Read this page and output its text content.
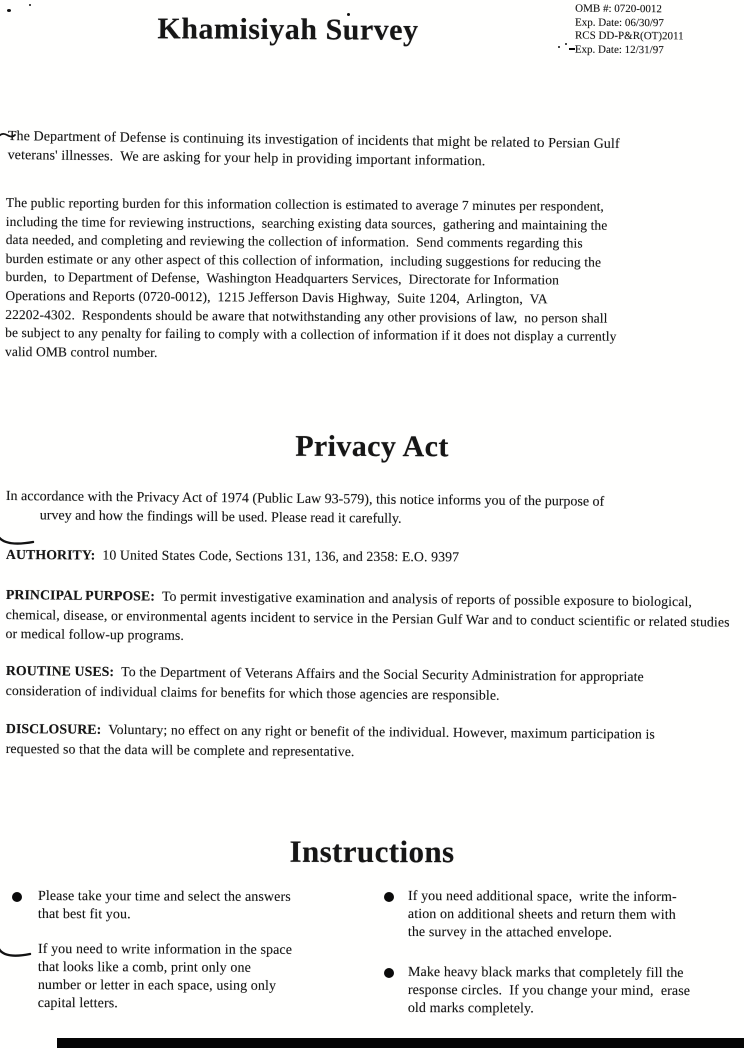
Khamisiyah Survey
OMB #: 0720-0012
Exp. Date: 06/30/97
RCS DD-P&R(OT)2011
Exp. Date: 12/31/97
The Department of Defense is continuing its investigation of incidents that might be related to Persian Gulf
veterans' illnesses.  We are asking for your help in providing important information.
The public reporting burden for this information collection is estimated to average 7 minutes per respondent,
including the time for reviewing instructions,  searching existing data sources,  gathering and maintaining the
data needed, and completing and reviewing the collection of information.  Send comments regarding this
burden estimate or any other aspect of this collection of information,  including suggestions for reducing the
burden,  to Department of Defense,  Washington Headquarters Services,  Directorate for Information
Operations and Reports (0720-0012),  1215 Jefferson Davis Highway,  Suite 1204,  Arlington,  VA
22202-4302.  Respondents should be aware that notwithstanding any other provisions of law,  no person shall
be subject to any penalty for failing to comply with a collection of information if it does not display a currently
valid OMB control number.
Privacy Act
In accordance with the Privacy Act of 1974 (Public Law 93-579), this notice informs you of the purpose of
urvey and how the findings will be used. Please read it carefully.
AUTHORITY: 10 United States Code, Sections 131, 136, and 2358: E.O. 9397
PRINCIPAL PURPOSE: To permit investigative examination and analysis of reports of possible exposure to biological, chemical, disease, or environmental agents incident to service in the Persian Gulf War and to conduct scientific or related studies or medical follow-up programs.
ROUTINE USES: To the Department of Veterans Affairs and the Social Security Administration for appropriate consideration of individual claims for benefits for which those agencies are responsible.
DISCLOSURE: Voluntary; no effect on any right or benefit of the individual. However, maximum participation is requested so that the data will be complete and representative.
Instructions
Please take your time and select the answers
that best fit you.
If you need to write information in the space
that looks like a comb, print only one
number or letter in each space, using only
capital letters.
If you need additional space,  write the inform-
ation on additional sheets and return them with
the survey in the attached envelope.
Make heavy black marks that completely fill the
response circles.  If you change your mind,  erase
old marks completely.
